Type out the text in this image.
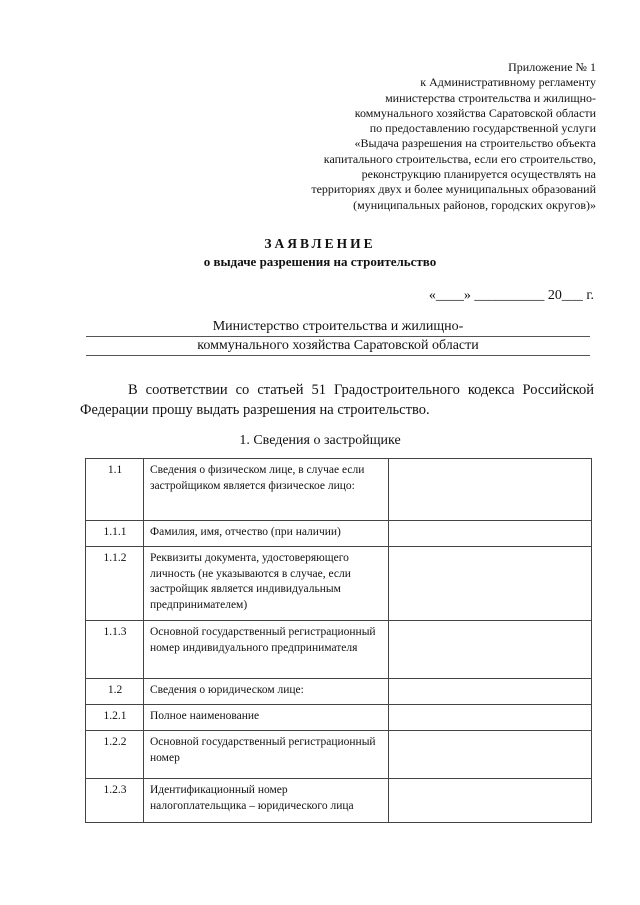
Приложение № 1
к Административному регламенту
министерства строительства и жилищно-
коммунального хозяйства Саратовской области
по предоставлению государственной услуги
«Выдача разрешения на строительство объекта
капитального строительства, если его строительство,
реконструкцию планируется осуществлять на
территориях двух и более муниципальных образований
(муниципальных районов, городских округов)»
ЗАЯВЛЕНИЕ
о выдаче разрешения на строительство
«____» __________ 20___ г.
Министерство строительства и жилищно-
коммунального хозяйства Саратовской области
В соответствии со статьей 51 Градостроительного кодекса Российской Федерации прошу выдать разрешения на строительство.
1. Сведения о застройщике
1.1	Сведения о физическом лице, в случае если застройщиком является физическое лицо:	
1.1.1	Фамилия, имя, отчество (при наличии)	
1.1.2	Реквизиты документа, удостоверяющего личность (не указываются в случае, если застройщик является индивидуальным предпринимателем)	
1.1.3	Основной государственный регистрационный номер индивидуального предпринимателя	
1.2	Сведения о юридическом лице:	
1.2.1	Полное наименование	
1.2.2	Основной государственный регистрационный номер	
1.2.3	Идентификационный номер налогоплательщика – юридического лица	
